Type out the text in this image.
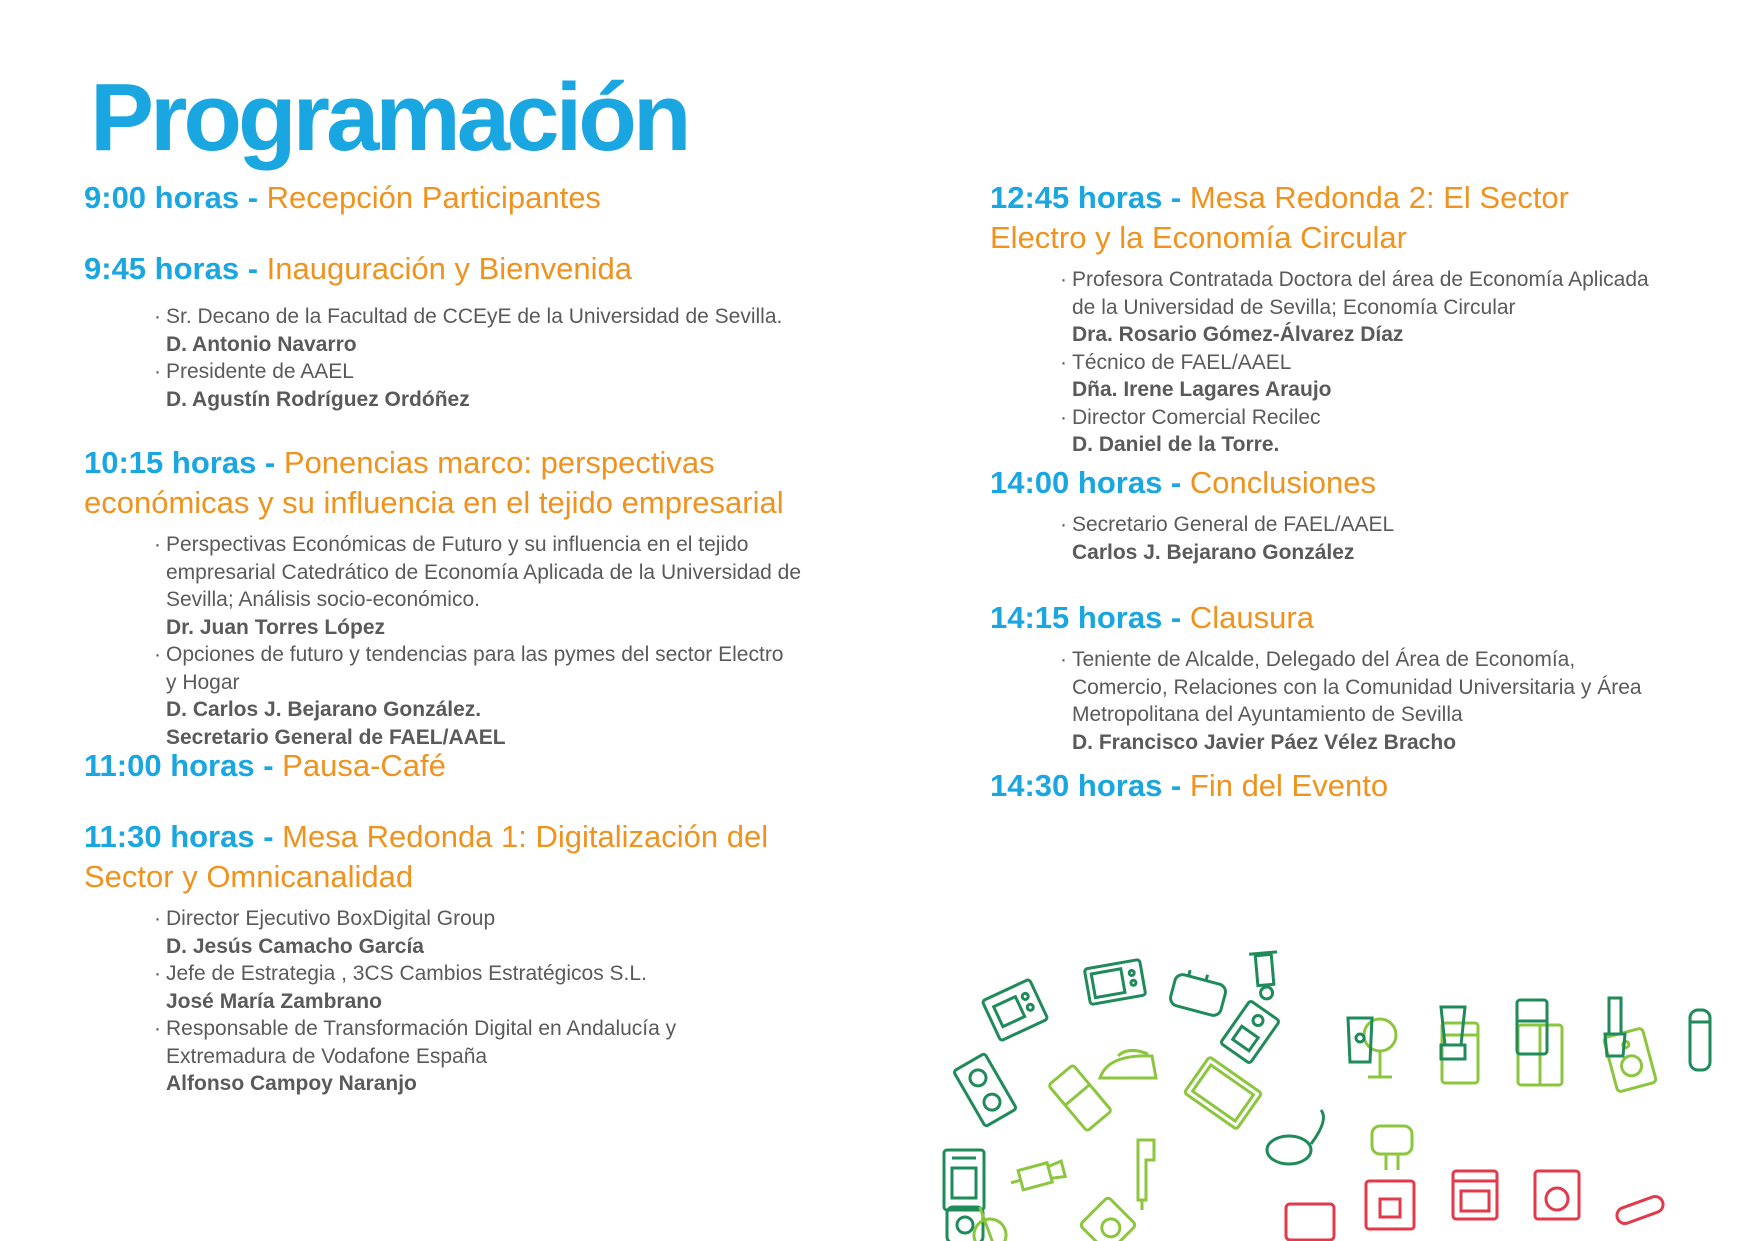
Programación
9:00 horas - Recepción Participantes
9:45 horas - Inauguración y Bienvenida
· Sr. Decano de la Facultad de CCEyE de la Universidad de Sevilla.
D. Antonio Navarro
· Presidente de AAEL
D. Agustín Rodríguez Ordóñez
10:15 horas - Ponencias marco: perspectivas económicas y su influencia en el tejido empresarial
· Perspectivas Económicas de Futuro y su influencia en el tejido empresarial Catedrático de Economía Aplicada de la Universidad de Sevilla; Análisis socio-económico.
Dr. Juan Torres López
· Opciones de futuro y tendencias para las pymes del sector Electro y Hogar
D. Carlos J. Bejarano González. Secretario General de FAEL/AAEL
11:00 horas - Pausa-Café
11:30 horas - Mesa Redonda 1: Digitalización del Sector y Omnicanalidad
· Director Ejecutivo BoxDigital Group
D. Jesús Camacho García
· Jefe de Estrategia , 3CS Cambios Estratégicos S.L.
José María Zambrano
· Responsable de Transformación Digital en Andalucía y Extremadura de Vodafone España
Alfonso Campoy Naranjo
12:45 horas - Mesa Redonda 2: El Sector Electro y la Economía Circular
· Profesora Contratada Doctora del área de Economía Aplicada de la Universidad de Sevilla; Economía Circular
Dra. Rosario Gómez-Álvarez Díaz
· Técnico de FAEL/AAEL
Dña. Irene Lagares Araujo
· Director Comercial Recilec
D. Daniel de la Torre.
14:00 horas - Conclusiones
· Secretario General de FAEL/AAEL
Carlos J. Bejarano González
14:15 horas - Clausura
· Teniente de Alcalde, Delegado del Área de Economía, Comercio, Relaciones con la Comunidad Universitaria y Área Metropolitana del Ayuntamiento de Sevilla
D. Francisco Javier Páez Vélez Bracho
14:30 horas - Fin del Evento
